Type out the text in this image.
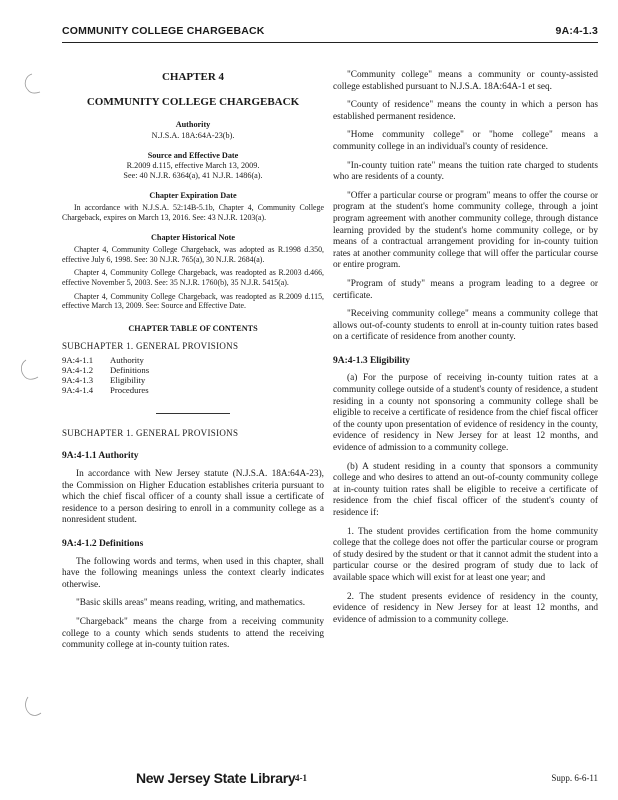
COMMUNITY COLLEGE CHARGEBACK	9A:4-1.3
CHAPTER 4
COMMUNITY COLLEGE CHARGEBACK
Authority
N.J.S.A. 18A:64A-23(b).
Source and Effective Date
R.2009 d.115, effective March 13, 2009.
See: 40 N.J.R. 6364(a), 41 N.J.R. 1486(a).
Chapter Expiration Date
In accordance with N.J.S.A. 52:14B-5.1b, Chapter 4, Community College Chargeback, expires on March 13, 2016. See: 43 N.J.R. 1203(a).
Chapter Historical Note
Chapter 4, Community College Chargeback, was adopted as R.1998 d.350, effective July 6, 1998. See: 30 N.J.R. 765(a), 30 N.J.R. 2684(a).
Chapter 4, Community College Chargeback, was readopted as R.2003 d.466, effective November 5, 2003. See: 35 N.J.R. 1760(b), 35 N.J.R. 5415(a).
Chapter 4, Community College Chargeback, was readopted as R.2009 d.115, effective March 13, 2009. See: Source and Effective Date.
CHAPTER TABLE OF CONTENTS
SUBCHAPTER 1. GENERAL PROVISIONS
9A:4-1.1	Authority
9A:4-1.2	Definitions
9A:4-1.3	Eligibility
9A:4-1.4	Procedures
SUBCHAPTER 1. GENERAL PROVISIONS
9A:4-1.1 Authority

In accordance with New Jersey statute (N.J.S.A. 18A:64A-23), the Commission on Higher Education establishes criteria pursuant to which the chief fiscal officer of a county shall issue a certificate of residence to a person desiring to enroll in a community college as a nonresident student.

9A:4-1.2 Definitions

The following words and terms, when used in this chapter, shall have the following meanings unless the context clearly indicates otherwise.

"Basic skills areas" means reading, writing, and mathematics.

"Chargeback" means the charge from a receiving community college to a county which sends students to attend the receiving community college at in-county tuition rates.

"Community college" means a community or county-assisted college established pursuant to N.J.S.A. 18A:64A-1 et seq.

"County of residence" means the county in which a person has established permanent residence.

"Home community college" or "home college" means a community college in an individual's county of residence.

"In-county tuition rate" means the tuition rate charged to students who are residents of a county.

"Offer a particular course or program" means to offer the course or program at the student's home community college, through a joint program agreement with another community college, through distance learning provided by the student's home community college, or by means of a contractual arrangement providing for in-county tuition rates at another community college that will offer the particular course or entire program.

"Program of study" means a program leading to a degree or certificate.

"Receiving community college" means a community college that allows out-of-county students to enroll at in-county tuition rates based on a certificate of residence from another county.

9A:4-1.3 Eligibility

(a) For the purpose of receiving in-county tuition rates at a community college outside of a student's county of residence, a student residing in a county not sponsoring a community college shall be eligible to receive a certificate of residence from the chief fiscal officer of the county upon presentation of evidence of residency in the county, evidence of residency in New Jersey for at least 12 months, and evidence of admission to a community college.

(b) A student residing in a county that sponsors a community college and who desires to attend an out-of-county community college at in-county tuition rates shall be eligible to receive a certificate of residence from the chief fiscal officer of the student's county of residence if:

1. The student provides certification from the home community college that the college does not offer the particular course or program of study desired by the student or that it cannot admit the student into a particular course or the desired program of study due to lack of available space which will exist for at least one year; and

2. The student presents evidence of residency in the county, evidence of residency in New Jersey for at least 12 months, and evidence of admission to a community college.

New Jersey State Library 4-1	Supp. 6-6-11
